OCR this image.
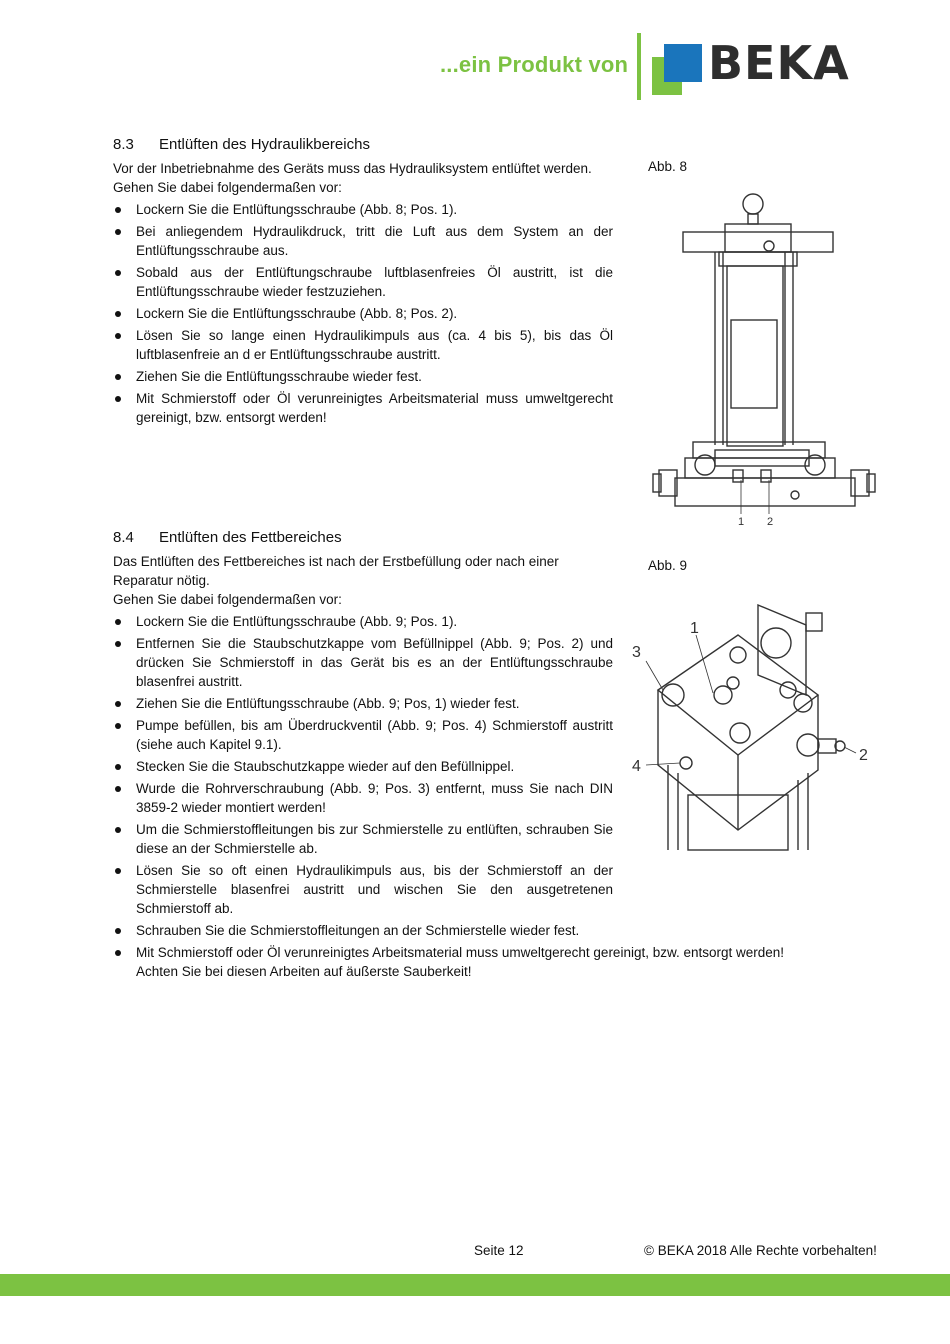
...ein Produkt von BEKA
8.3 Entlüften des Hydraulikbereichs
Vor der Inbetriebnahme des Geräts muss das Hydrauliksystem entlüftet werden.
Gehen Sie dabei folgendermaßen vor:
Lockern Sie die Entlüftungsschraube (Abb. 8; Pos. 1).
Bei anliegendem Hydraulikdruck, tritt die Luft aus dem System an der Entlüftungsschraube aus.
Sobald aus der Entlüftungschraube luftblasenfreies Öl austritt, ist die Entlüftungsschraube wieder festzuziehen.
Lockern Sie die Entlüftungsschraube (Abb. 8; Pos. 2).
Lösen Sie so lange einen Hydraulikimpuls aus (ca. 4 bis 5), bis das Öl luftblasenfreie an d er Entlüftungsschraube austritt.
Ziehen Sie die Entlüftungsschraube wieder fest.
Mit Schmierstoff oder Öl verunreinigtes Arbeitsmaterial muss umweltgerecht gereinigt, bzw. entsorgt werden!
Abb. 8
1 2
8.4 Entlüften des Fettbereiches
Das Entlüften des Fettbereiches ist nach der Erstbefüllung oder nach einer Reparatur nötig.
Gehen Sie dabei folgendermaßen vor:
Lockern Sie die Entlüftungsschraube (Abb. 9; Pos. 1).
Entfernen Sie die Staubschutzkappe vom Befüllnippel (Abb. 9; Pos. 2) und drücken Sie Schmierstoff in das Gerät bis es an der Entlüftungsschraube blasenfrei austritt.
Ziehen Sie die Entlüftungsschraube (Abb. 9; Pos, 1) wieder fest.
Pumpe befüllen, bis am Überdruckventil (Abb. 9; Pos. 4) Schmierstoff austritt (siehe auch Kapitel 9.1).
Stecken Sie die Staubschutzkappe wieder auf den Befüllnippel.
Wurde die Rohrverschraubung (Abb. 9; Pos. 3) entfernt, muss Sie nach DIN 3859-2 wieder montiert werden!
Um die Schmierstoffleitungen bis zur Schmierstelle zu entlüften, schrauben Sie diese an der Schmierstelle ab.
Lösen Sie so oft einen Hydraulikimpuls aus, bis der Schmierstoff an der Schmierstelle blasenfrei austritt und wischen Sie den ausgetretenen Schmierstoff ab.
Schrauben Sie die Schmierstoffleitungen an der Schmierstelle wieder fest.
Mit Schmierstoff oder Öl verunreinigtes Arbeitsmaterial muss umweltgerecht gereinigt, bzw. entsorgt werden! Achten Sie bei diesen Arbeiten auf äußerste Sauberkeit!
Abb. 9
1
2
3
4
Seite 12	© BEKA 2018 Alle Rechte vorbehalten!
